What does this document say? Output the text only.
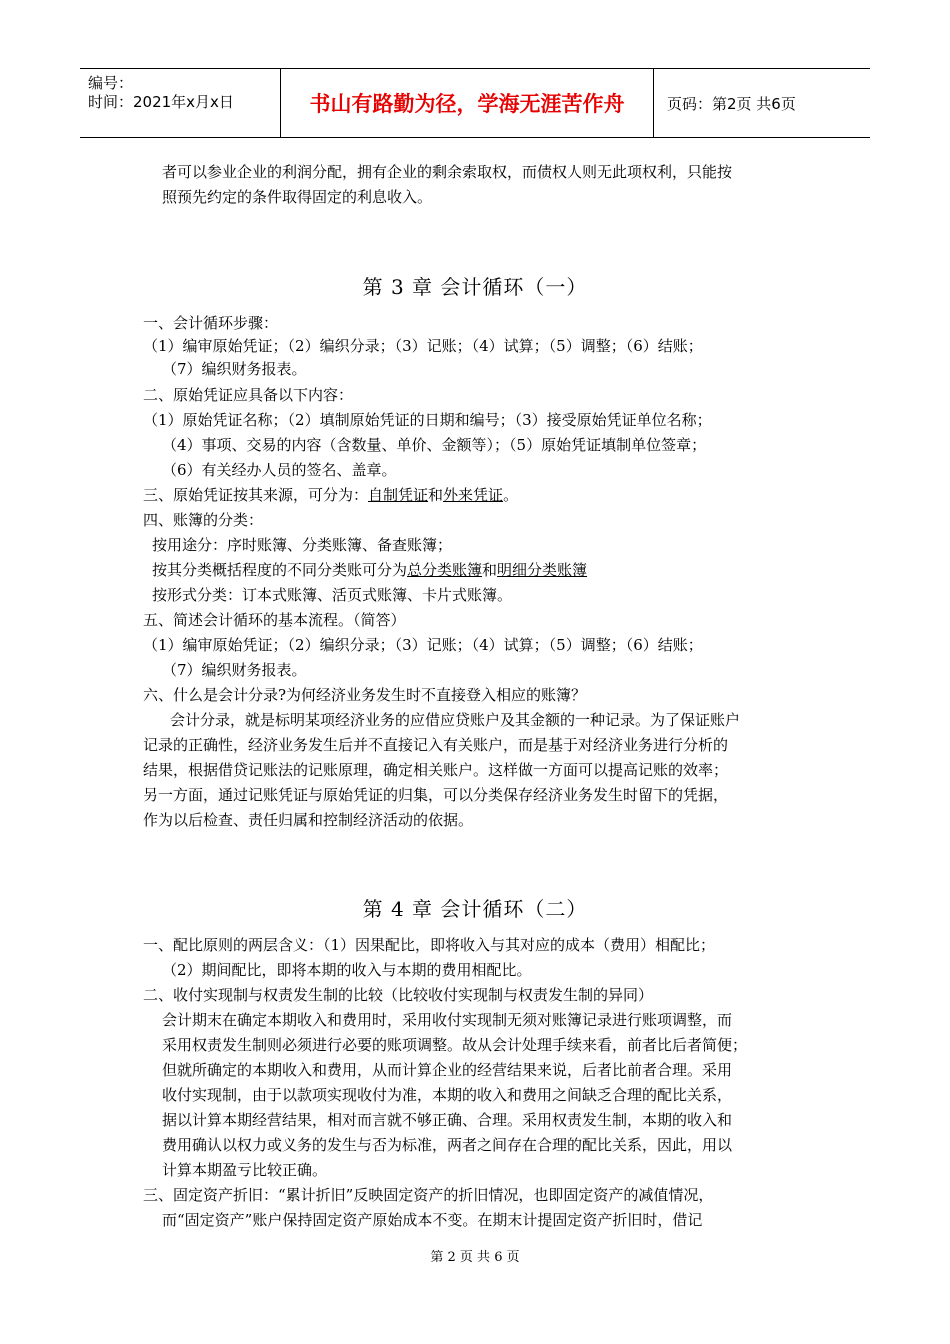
编号：
时间：2021年x月x日	书山有路勤为径，学海无涯苦作舟	页码：第2页 共6页
者可以参业企业的利润分配，拥有企业的剩余索取权，而债权人则无此项权利，只能按
照预先约定的条件取得固定的利息收入。
第 3 章 会计循环（一）
一、会计循环步骤：
（1）编审原始凭证；（2）编织分录；（3）记账；（4）试算；（5）调整；（6）结账；
（7）编织财务报表。
二、原始凭证应具备以下内容：
（1）原始凭证名称；（2）填制原始凭证的日期和编号；（3）接受原始凭证单位名称；
（4）事项、交易的内容（含数量、单价、金额等）；（5）原始凭证填制单位签章；
（6）有关经办人员的签名、盖章。
三、原始凭证按其来源，可分为：自制凭证和外来凭证。
四、账簿的分类：
按用途分：序时账簿、分类账簿、备查账簿；
按其分类概括程度的不同分类账可分为总分类账簿和明细分类账簿
按形式分类：订本式账簿、活页式账簿、卡片式账簿。
五、简述会计循环的基本流程。（简答）
（1）编审原始凭证；（2）编织分录；（3）记账；（4）试算；（5）调整；（6）结账；
（7）编织财务报表。
六、什么是会计分录?为何经济业务发生时不直接登入相应的账簿？
会计分录，就是标明某项经济业务的应借应贷账户及其金额的一种记录。为了保证账户
记录的正确性，经济业务发生后并不直接记入有关账户，而是基于对经济业务进行分析的
结果，根据借贷记账法的记账原理，确定相关账户。这样做一方面可以提高记账的效率；
另一方面，通过记账凭证与原始凭证的归集，可以分类保存经济业务发生时留下的凭据，
作为以后检查、责任归属和控制经济活动的依据。
第 4 章 会计循环（二）
一、配比原则的两层含义：（1）因果配比，即将收入与其对应的成本（费用）相配比；
（2）期间配比，即将本期的收入与本期的费用相配比。
二、收付实现制与权责发生制的比较（比较收付实现制与权责发生制的异同）
会计期末在确定本期收入和费用时，采用收付实现制无须对账簿记录进行账项调整，而
采用权责发生制则必须进行必要的账项调整。故从会计处理手续来看，前者比后者简便；
但就所确定的本期收入和费用，从而计算企业的经营结果来说，后者比前者合理。采用
收付实现制，由于以款项实现收付为准，本期的收入和费用之间缺乏合理的配比关系，
据以计算本期经营结果，相对而言就不够正确、合理。采用权责发生制，本期的收入和
费用确认以权力或义务的发生与否为标准，两者之间存在合理的配比关系，因此，用以
计算本期盈亏比较正确。
三、固定资产折旧：“累计折旧”反映固定资产的折旧情况，也即固定资产的减值情况，
而“固定资产”账户保持固定资产原始成本不变。在期末计提固定资产折旧时，借记
第 2 页 共 6 页
